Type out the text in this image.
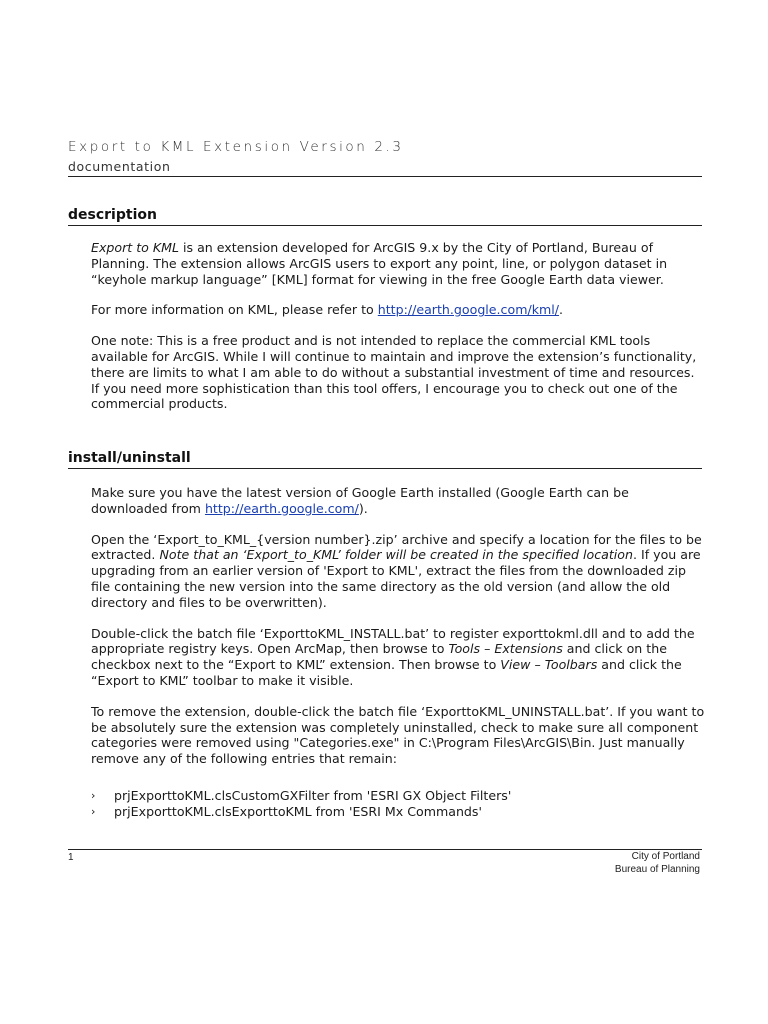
Export to KML Extension Version 2.3
documentation
description

Export to KML is an extension developed for ArcGIS 9.x by the City of Portland, Bureau of Planning. The extension allows ArcGIS users to export any point, line, or polygon dataset in “keyhole markup language” [KML] format for viewing in the free Google Earth data viewer.

For more information on KML, please refer to http://earth.google.com/kml/.

One note: This is a free product and is not intended to replace the commercial KML tools available for ArcGIS. While I will continue to maintain and improve the extension’s functionality, there are limits to what I am able to do without a substantial investment of time and resources. If you need more sophistication than this tool offers, I encourage you to check out one of the commercial products.

install/uninstall

Make sure you have the latest version of Google Earth installed (Google Earth can be downloaded from http://earth.google.com/).

Open the ‘Export_to_KML_{version number}.zip’ archive and specify a location for the files to be extracted. Note that an ‘Export_to_KML’ folder will be created in the specified location. If you are upgrading from an earlier version of 'Export to KML', extract the files from the downloaded zip file containing the new version into the same directory as the old version (and allow the old directory and files to be overwritten).

Double-click the batch file ‘ExporttoKML_INSTALL.bat’ to register exporttokml.dll and to add the appropriate registry keys. Open ArcMap, then browse to Tools – Extensions and click on the checkbox next to the “Export to KML” extension. Then browse to View – Toolbars and click the “Export to KML” toolbar to make it visible.

To remove the extension, double-click the batch file ‘ExporttoKML_UNINSTALL.bat’. If you want to be absolutely sure the extension was completely uninstalled, check to make sure all component categories were removed using "Categories.exe" in C:\Program Files\ArcGIS\Bin. Just manually remove any of the following entries that remain:

› prjExporttoKML.clsCustomGXFilter from 'ESRI GX Object Filters'
› prjExporttoKML.clsExporttoKML from 'ESRI Mx Commands'
1	City of Portland
Bureau of Planning
